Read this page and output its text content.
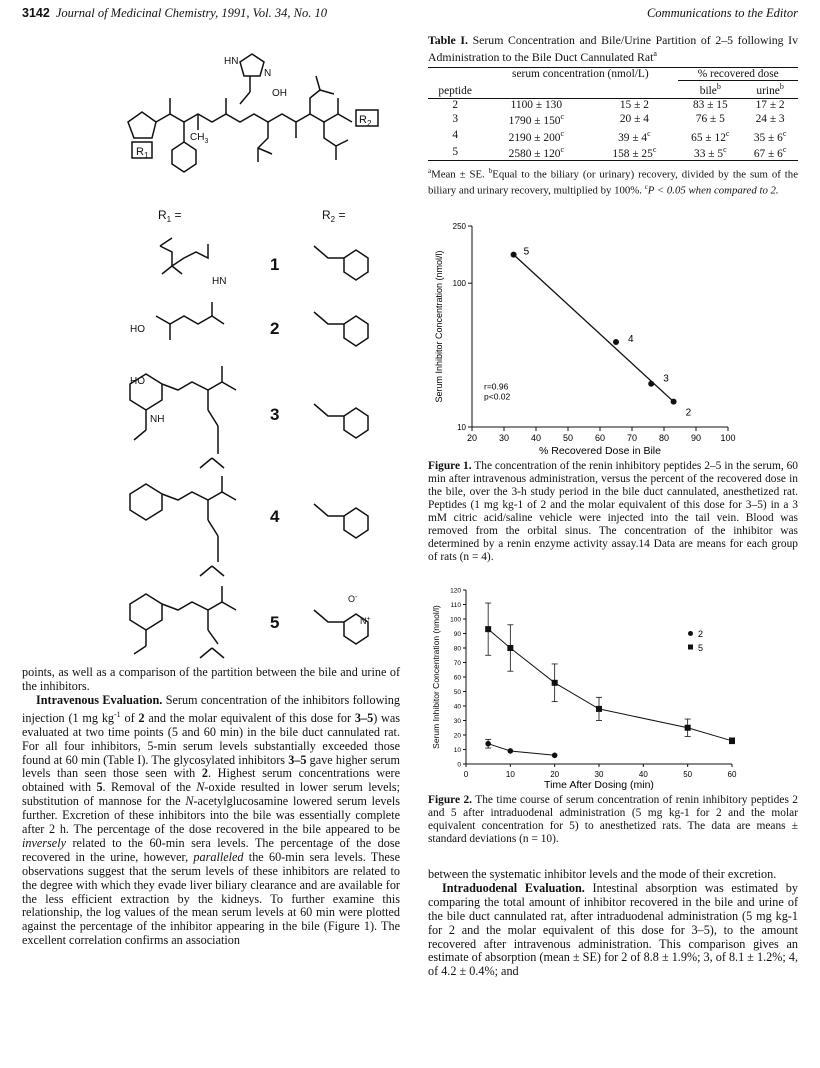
3142 Journal of Medicinal Chemistry, 1991, Vol. 34, No. 10	Communications to the Editor
HN
N
OH
$CH_3$
$R_1$
$R_2$
$R_1$ =	$R_2$ =
HO
HO
NH
HN
O-
N+
1
2
3
4
5

points, as well as a comparison of the partition between the bile and urine of the inhibitors.

Intravenous Evaluation. Serum concentration of the inhibitors following injection (1 mg $kg^{-1}$ of 2 and the molar equivalent of this dose for 3–5) was evaluated at two time points (5 and 60 min) in the bile duct cannulated rat. For all four inhibitors, 5-min serum levels substantially exceeded those found at 60 min (Table I). The glycosylated inhibitors 3–5 gave higher serum levels than seen those seen with 2. Highest serum concentrations were obtained with 5. Removal of the N-oxide resulted in lower serum levels; substitution of mannose for the N-acetylglucosamine lowered serum levels further. Excretion of these inhibitors into the bile was essentially complete after 2 h. The percentage of the dose recovered in the bile appeared to be inversely related to the 60-min sera levels. The percentage of the dose recovered in the urine, however, paralleled the 60-min sera levels. These observations suggest that the serum levels of these inhibitors are related to the degree with which they evade liver biliary clearance and are available for the less efficient extraction by the kidneys. To further examine this relationship, the log values of the mean serum levels at 60 min were plotted against the percentage of the inhibitor appearing in the bile (Figure 1). The excellent correlation confirms an association

Table I. Serum Concentration and Bile/Urine Partition of 2–5 following Iv Administration to the Bile Duct Cannulated Rat$^a$
peptide	serum concentration (nmol/L)		% recovered dose	
			bile$^b$	urine$^b$
2	1100 ± 130	15 ± 2	83 ± 15	17 ± 2
3	$1790 \pm 150^c$	20 ± 4	76 ± 5	24 ± 3
4	$2190 \pm 200^c$	$39 \pm 4^c$	$65 \pm 12^c$	$35 \pm 6^c$
5	$2580 \pm 120^c$	$158 \pm 25^c$	$33 \pm 5^c$	$67 \pm 6^c$
$^a$Mean ± SE. $^b$Equal to the biliary (or urinary) recovery, divided by the sum of the biliary and urinary recovery, multiplied by 100%. $^c$P < 0.05 when compared to 2.
20 30 40 50 60 70 80 90 100
10
100
250
% Recovered Dose in Bile
Serum Inhibitor Concentration (nmol/l)	5
4
3
2
r=0.96
p<0.02
Figure 1. The concentration of the renin inhibitory peptides 2–5 in the serum, 60 min after intravenous administration, versus the percent of the recovered dose in the bile, over the 3-h study period in the bile duct cannulated, anesthetized rat. Peptides (1 mg kg-1 of 2 and the molar equivalent of this dose for 3–5) in a 3 mM citric acid/saline vehicle were injected into the tail vein. Blood was removed from the orbital sinus. The concentration of the inhibitor was determined by a renin enzyme activity assay.14 Data are means for each group of rats (n = 4).
0	10	20	30	40	50	60
0
10
20
30
40
50
60
70
80
90
100
110
120
Time After Dosing (min)
Serum Inhibitor Concentration (nmol/l)	2
5
Figure 2. The time course of serum concentration of renin inhibitory peptides 2 and 5 after intraduodenal administration (5 mg kg-1 for 2 and the molar equivalent concentration for 5) to anesthetized rats. The data are means ± standard deviations (n = 10).

between the systematic inhibitor levels and the mode of their excretion.

Intraduodenal Evaluation. Intestinal absorption was estimated by comparing the total amount of inhibitor recovered in the bile and urine of the bile duct cannulated rat, after intraduodenal administration (5 mg kg-1 for 2 and the molar equivalent of this dose for 3–5), to the amount recovered after intravenous administration. This comparison gives an estimate of absorption (mean ± SE) for 2 of 8.8 ± 1.9%; 3, of 8.1 ± 1.2%; 4, of 4.2 ± 0.4%; and
